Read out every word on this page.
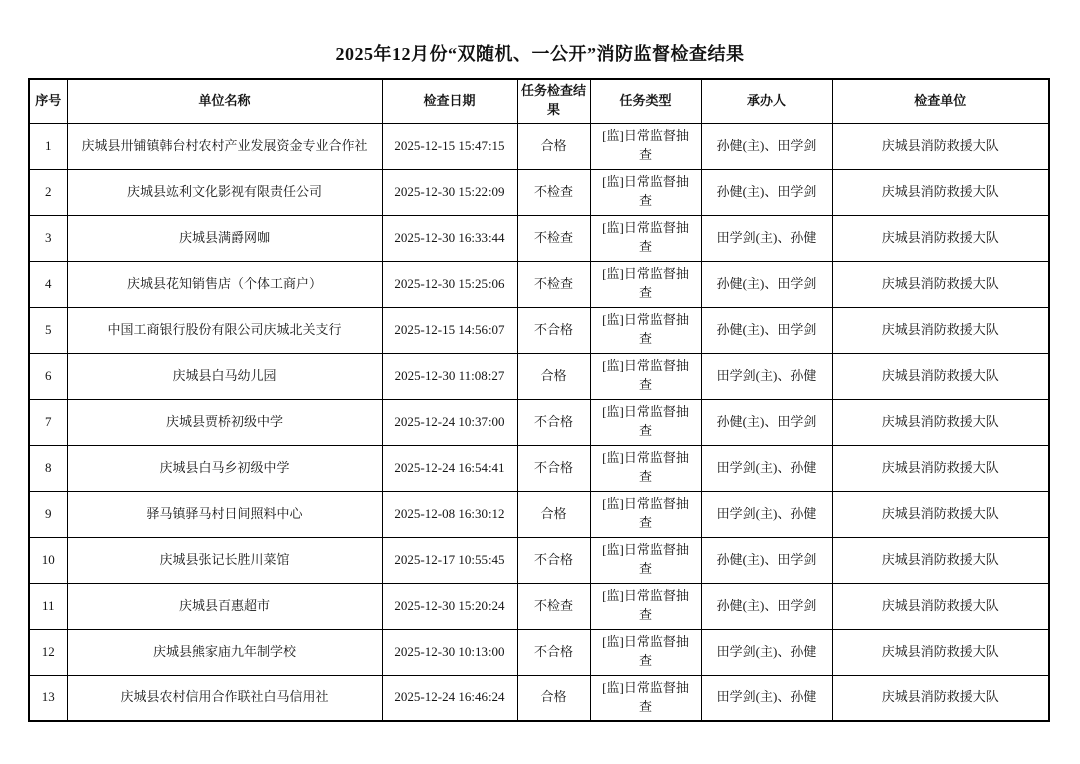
2025年12月份“双随机、一公开”消防监督检查结果
序号	单位名称	检查日期	任务检查结果	任务类型	承办人	检查单位
1	庆城县卅铺镇韩台村农村产业发展资金专业合作社	2025-12-15 15:47:15	合格	[监]日常监督抽查	孙健(主)、田学剑	庆城县消防救援大队
2	庆城县竑利文化影视有限责任公司	2025-12-30 15:22:09	不检查	[监]日常监督抽查	孙健(主)、田学剑	庆城县消防救援大队
3	庆城县满爵网咖	2025-12-30 16:33:44	不检查	[监]日常监督抽查	田学剑(主)、孙健	庆城县消防救援大队
4	庆城县花知销售店（个体工商户）	2025-12-30 15:25:06	不检查	[监]日常监督抽查	孙健(主)、田学剑	庆城县消防救援大队
5	中国工商银行股份有限公司庆城北关支行	2025-12-15 14:56:07	不合格	[监]日常监督抽查	孙健(主)、田学剑	庆城县消防救援大队
6	庆城县白马幼儿园	2025-12-30 11:08:27	合格	[监]日常监督抽查	田学剑(主)、孙健	庆城县消防救援大队
7	庆城县贾桥初级中学	2025-12-24 10:37:00	不合格	[监]日常监督抽查	孙健(主)、田学剑	庆城县消防救援大队
8	庆城县白马乡初级中学	2025-12-24 16:54:41	不合格	[监]日常监督抽查	田学剑(主)、孙健	庆城县消防救援大队
9	驿马镇驿马村日间照料中心	2025-12-08 16:30:12	合格	[监]日常监督抽查	田学剑(主)、孙健	庆城县消防救援大队
10	庆城县张记长胜川菜馆	2025-12-17 10:55:45	不合格	[监]日常监督抽查	孙健(主)、田学剑	庆城县消防救援大队
11	庆城县百惠超市	2025-12-30 15:20:24	不检查	[监]日常监督抽查	孙健(主)、田学剑	庆城县消防救援大队
12	庆城县熊家庙九年制学校	2025-12-30 10:13:00	不合格	[监]日常监督抽查	田学剑(主)、孙健	庆城县消防救援大队
13	庆城县农村信用合作联社白马信用社	2025-12-24 16:46:24	合格	[监]日常监督抽查	田学剑(主)、孙健	庆城县消防救援大队
